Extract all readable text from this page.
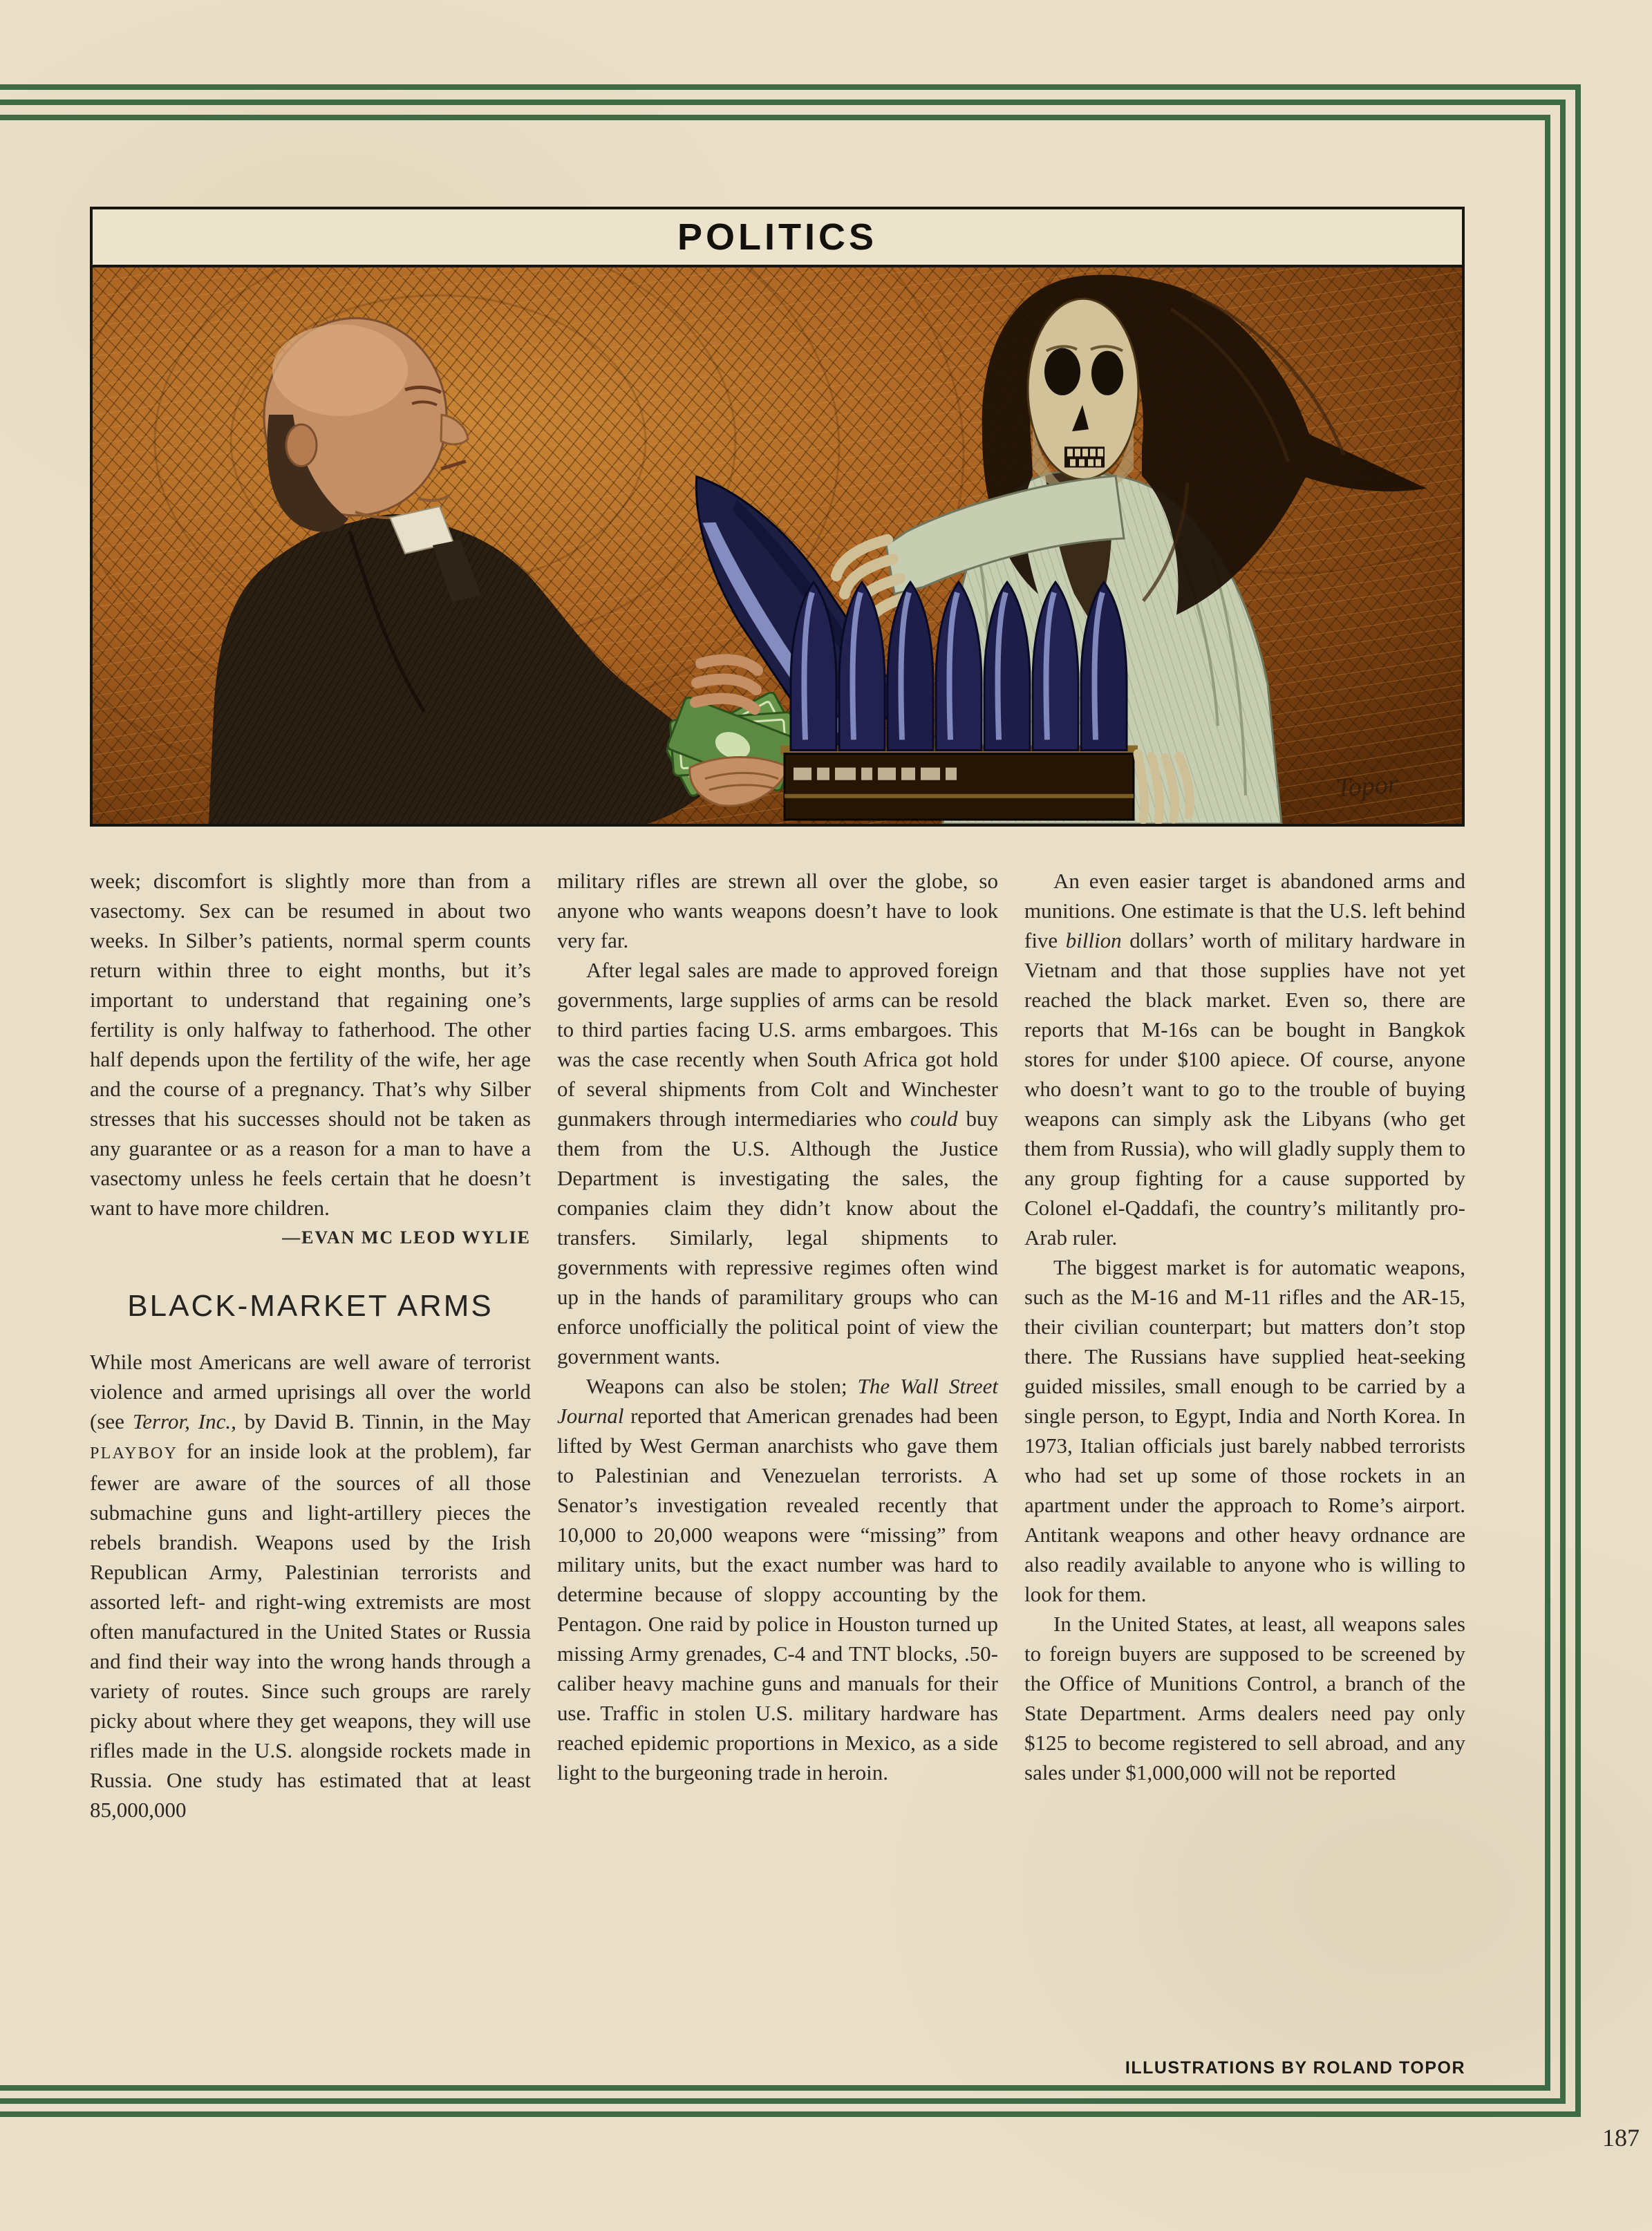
POLITICS
Topor

week; discomfort is slightly more than from a vasectomy. Sex can be resumed in about two weeks. In Silber’s patients, normal sperm counts return within three to eight months, but it’s important to understand that regaining one’s fertility is only halfway to fatherhood. The other half depends upon the fertility of the wife, her age and the course of a pregnancy. That’s why Silber stresses that his successes should not be taken as any guarantee or as a reason for a man to have a vasectomy unless he feels certain that he doesn’t want to have more children.

—EVAN MC LEOD WYLIE
BLACK-MARKET ARMS

While most Americans are well aware of terrorist violence and armed uprisings all over the world (see Terror, Inc., by David B. Tinnin, in the May PLAYBOY for an inside look at the problem), far fewer are aware of the sources of all those submachine guns and light-artillery pieces the rebels brandish. Weapons used by the Irish Republican Army, Palestinian terrorists and assorted left- and right-wing extremists are most often manufactured in the United States or Russia and find their way into the wrong hands through a variety of routes. Since such groups are rarely picky about where they get weapons, they will use rifles made in the U.S. alongside rockets made in Russia. One study has estimated that at least 85,000,000

military rifles are strewn all over the globe, so anyone who wants weapons doesn’t have to look very far.

After legal sales are made to approved foreign governments, large supplies of arms can be resold to third parties facing U.S. arms embargoes. This was the case recently when South Africa got hold of several shipments from Colt and Winchester gunmakers through intermediaries who could buy them from the U.S. Although the Justice Department is investigating the sales, the companies claim they didn’t know about the transfers. Similarly, legal shipments to governments with repressive regimes often wind up in the hands of paramilitary groups who can enforce unofficially the political point of view the government wants.

Weapons can also be stolen; The Wall Street Journal reported that American grenades had been lifted by West German anarchists who gave them to Palestinian and Venezuelan terrorists. A Senator’s investigation revealed recently that 10,000 to 20,000 weapons were “missing” from military units, but the exact number was hard to determine because of sloppy accounting by the Pentagon. One raid by police in Houston turned up missing Army grenades, C-4 and TNT blocks, .50-caliber heavy machine guns and manuals for their use. Traffic in stolen U.S. military hardware has reached epidemic proportions in Mexico, as a side light to the burgeoning trade in heroin.

An even easier target is abandoned arms and munitions. One estimate is that the U.S. left behind five billion dollars’ worth of military hardware in Vietnam and that those supplies have not yet reached the black market. Even so, there are reports that M-16s can be bought in Bangkok stores for under $100 apiece. Of course, anyone who doesn’t want to go to the trouble of buying weapons can simply ask the Libyans (who get them from Russia), who will gladly supply them to any group fighting for a cause supported by Colonel el-Qaddafi, the country’s militantly pro-Arab ruler.

The biggest market is for automatic weapons, such as the M-16 and M-11 rifles and the AR-15, their civilian counterpart; but matters don’t stop there. The Russians have supplied heat-seeking guided missiles, small enough to be carried by a single person, to Egypt, India and North Korea. In 1973, Italian officials just barely nabbed terrorists who had set up some of those rockets in an apartment under the approach to Rome’s airport. Antitank weapons and other heavy ordnance are also readily available to anyone who is willing to look for them.

In the United States, at least, all weapons sales to foreign buyers are supposed to be screened by the Office of Munitions Control, a branch of the State Department. Arms dealers need pay only $125 to become registered to sell abroad, and any sales under $1,000,000 will not be reported

ILLUSTRATIONS BY ROLAND TOPOR
187
